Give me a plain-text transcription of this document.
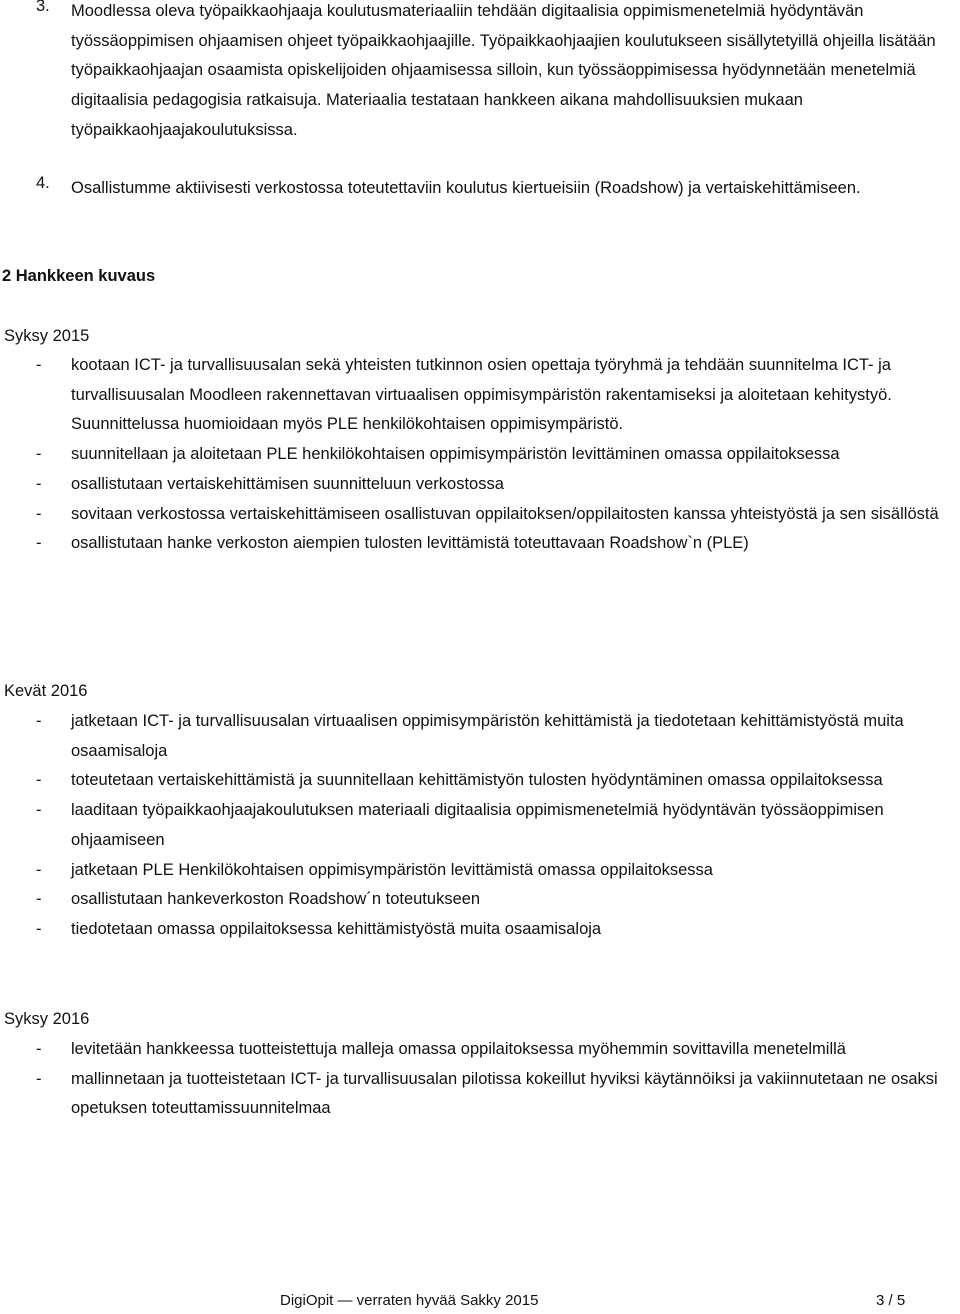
3. Moodlessa oleva työpaikkaohjaaja koulutusmateriaaliin tehdään digitaalisia oppimismenetelmiä hyödyntävän työssäoppimisen ohjaamisen ohjeet työpaikkaohjaajille. Työpaikkaohjaajien koulutukseen sisällytetyillä ohjeilla lisätään työpaikkaohjaajan osaamista opiskelijoiden ohjaamisessa silloin, kun työssäoppimisessa hyödynnetään menetelmiä digitaalisia pedagogisia ratkaisuja. Materiaalia testataan hankkeen aikana mahdollisuuksien mukaan työpaikkaohjaajakoulutuksissa.
4. Osallistumme aktiivisesti verkostossa toteutettaviin koulutus kiertueisiin (Roadshow) ja vertaiskehittämiseen.
2 Hankkeen kuvaus
Syksy 2015
- kootaan ICT- ja turvallisuusalan sekä yhteisten tutkinnon osien opettaja työryhmä ja tehdään suunnitelma ICT- ja turvallisuusalan Moodleen rakennettavan virtuaalisen oppimisympäristön rakentamiseksi ja aloitetaan kehitystyö. Suunnittelussa huomioidaan myös PLE henkilökohtaisen oppimisympäristö.
- suunnitellaan ja aloitetaan PLE henkilökohtaisen oppimisympäristön levittäminen omassa oppilaitoksessa
- osallistutaan vertaiskehittämisen suunnitteluun verkostossa
- sovitaan verkostossa vertaiskehittämiseen osallistuvan oppilaitoksen/oppilaitosten kanssa yhteistyöstä ja sen sisällöstä
- osallistutaan hanke verkoston aiempien tulosten levittämistä toteuttavaan Roadshow`n (PLE)
Kevät 2016
- jatketaan ICT- ja turvallisuusalan virtuaalisen oppimisympäristön kehittämistä ja tiedotetaan kehittämistyöstä muita osaamisaloja
- toteutetaan vertaiskehittämistä ja suunnitellaan kehittämistyön tulosten hyödyntäminen omassa oppilaitoksessa
- laaditaan työpaikkaohjaajakoulutuksen materiaali digitaalisia oppimismenetelmiä hyödyntävän työssäoppimisen ohjaamiseen
- jatketaan PLE Henkilökohtaisen oppimisympäristön levittämistä omassa oppilaitoksessa
- osallistutaan hankeverkoston Roadshow´n toteutukseen
- tiedotetaan omassa oppilaitoksessa kehittämistyöstä muita osaamisaloja
Syksy 2016
- levitetään hankkeessa tuotteistettuja malleja omassa oppilaitoksessa myöhemmin sovittavilla menetelmillä
- mallinnetaan ja tuotteistetaan ICT- ja turvallisuusalan pilotissa kokeillut hyviksi käytännöiksi ja vakiinnutetaan ne osaksi opetuksen toteuttamissuunnitelmaa
DigiOpit — verraten hyvää Sakky 2015	3 / 5
